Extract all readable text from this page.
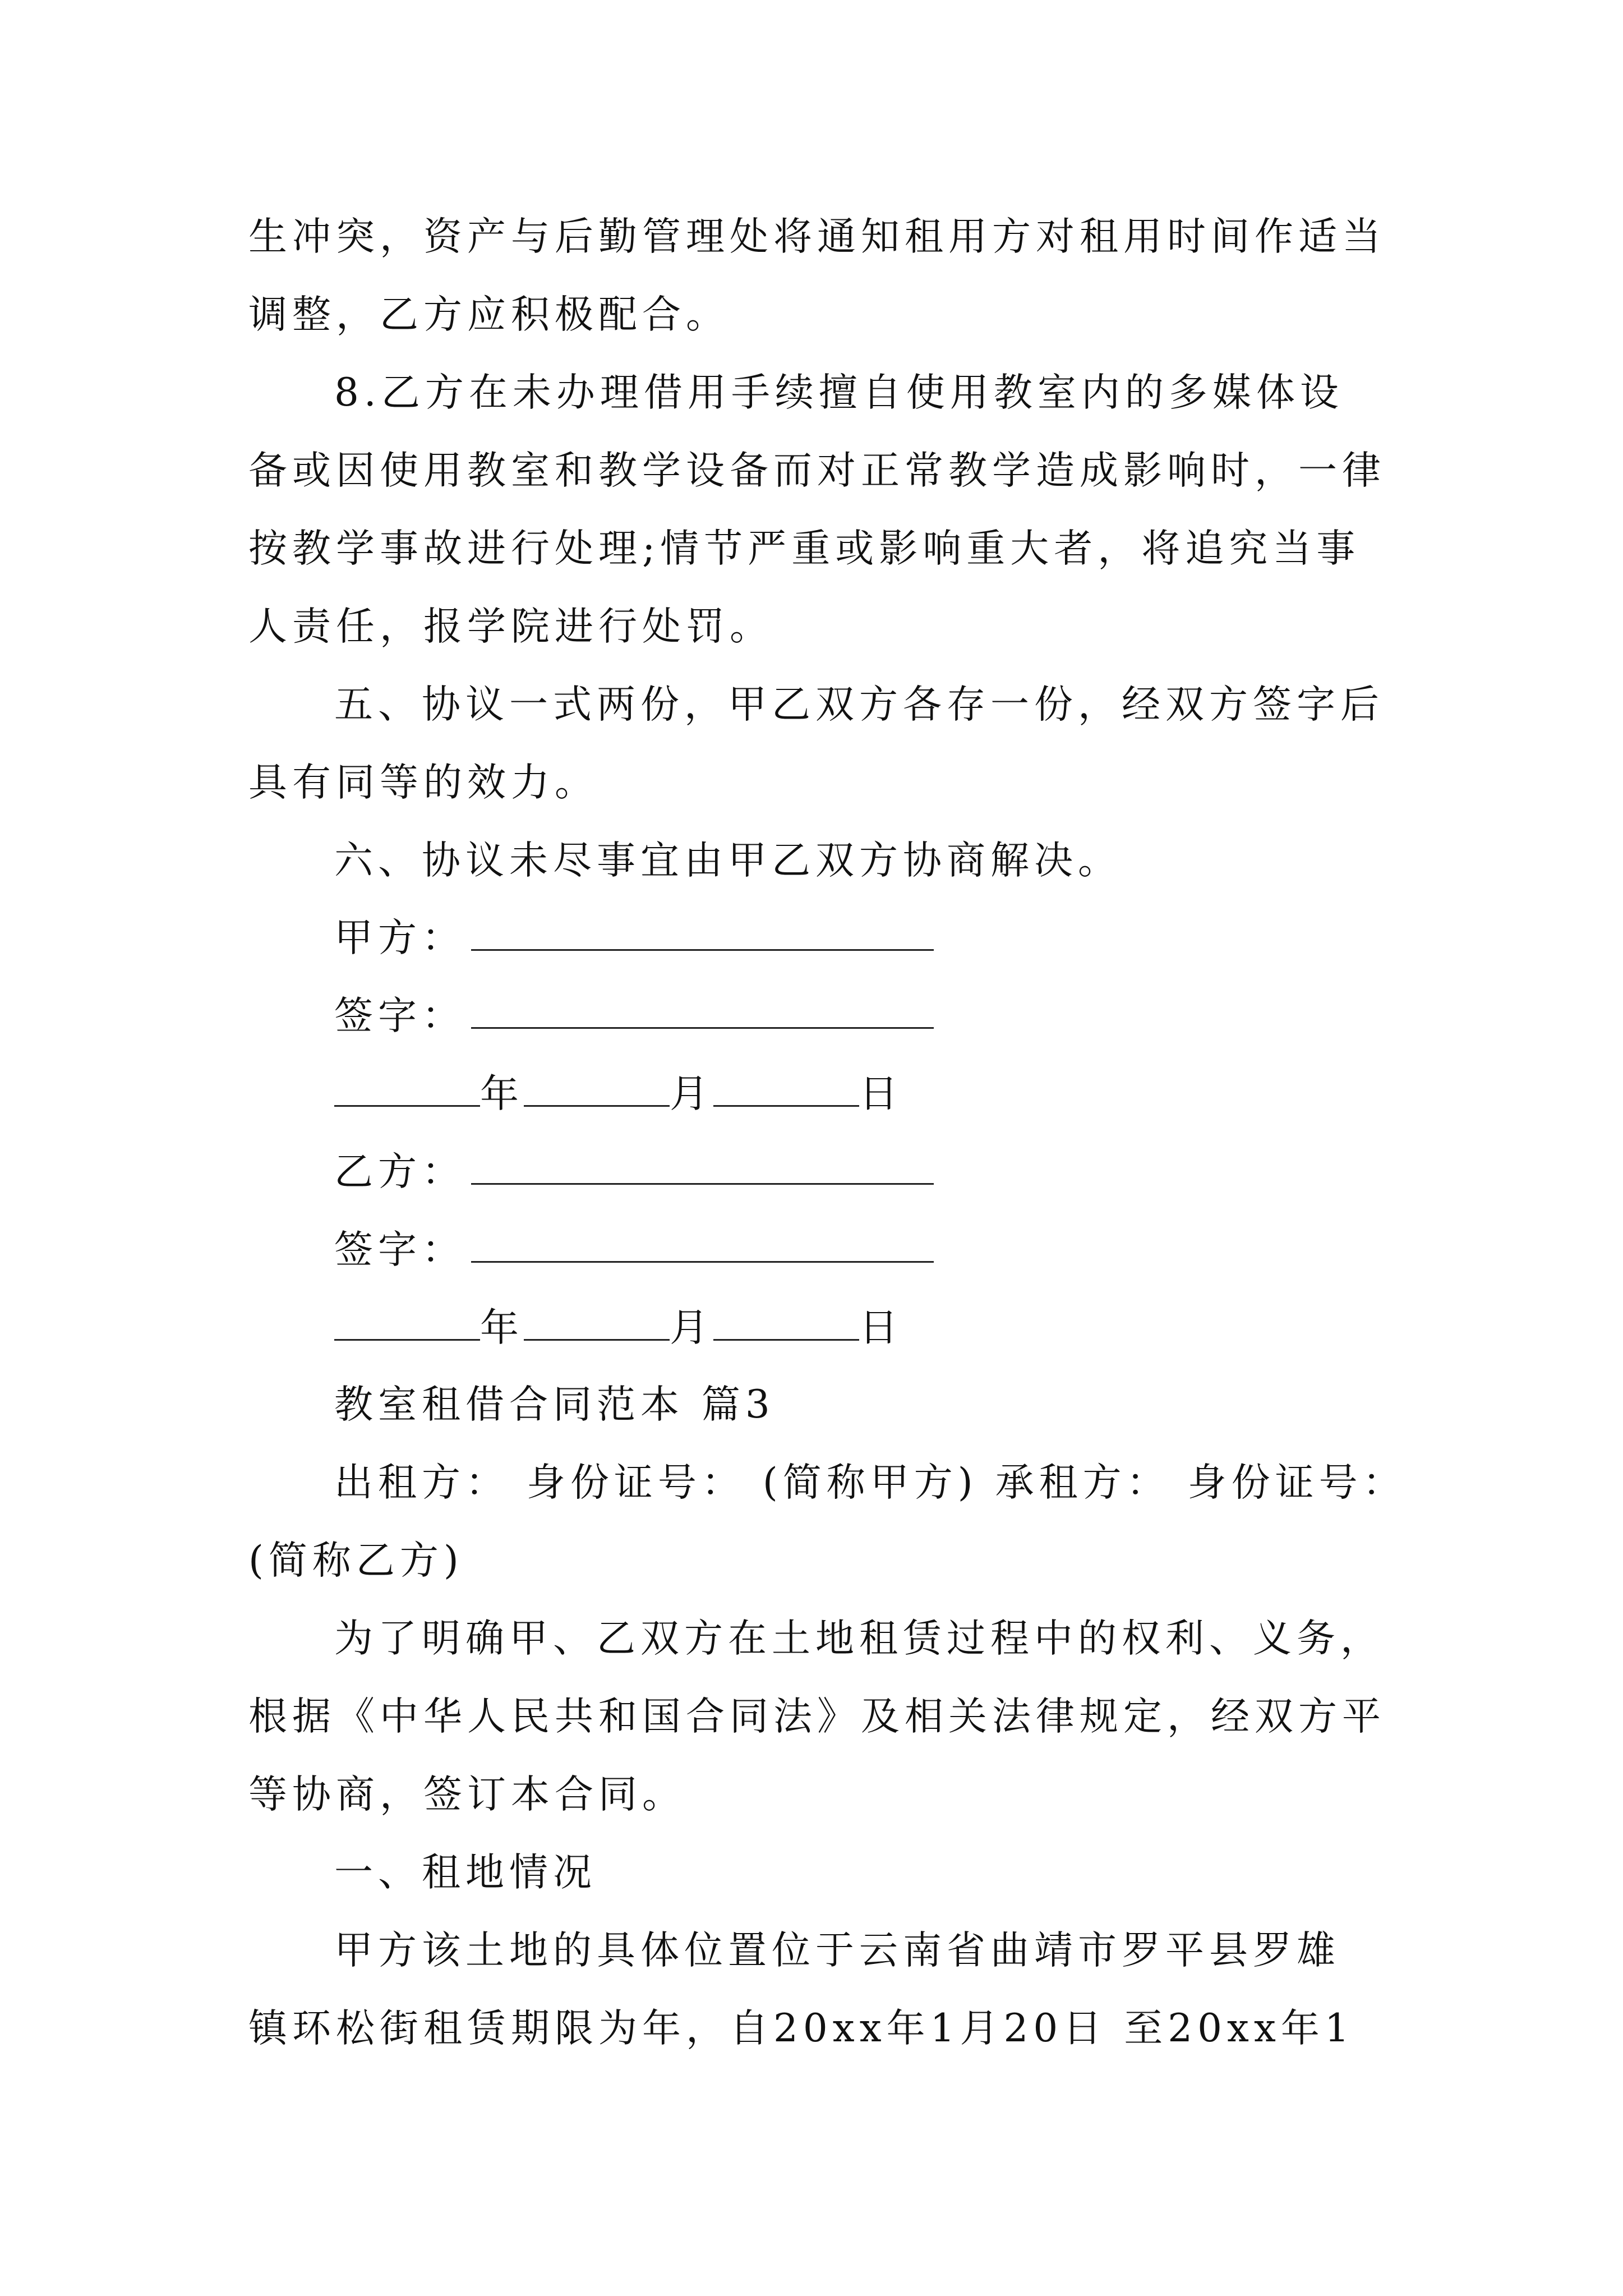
生冲突，资产与后勤管理处将通知租用方对租用时间作适当
调整，乙方应积极配合。
8.乙方在未办理借用手续擅自使用教室内的多媒体设
备或因使用教室和教学设备而对正常教学造成影响时，一律
按教学事故进行处理;情节严重或影响重大者，将追究当事
人责任，报学院进行处罚。
五、协议一式两份，甲乙双方各存一份，经双方签字后
具有同等的效力。
六、协议未尽事宜由甲乙双方协商解决。
甲方：
签字：
年	月	日
乙方：
签字：
年	月	日
教室租借合同范本 篇3
出租方： 身份证号： (简称甲方) 承租方： 身份证号：
(简称乙方)
为了明确甲、乙双方在土地租赁过程中的权利、义务，
根据《中华人民共和国合同法》及相关法律规定，经双方平
等协商，签订本合同。
一、租地情况
甲方该土地的具体位置位于云南省曲靖市罗平县罗雄
镇环松街租赁期限为年，自20xx年1月20日 至20xx年1
